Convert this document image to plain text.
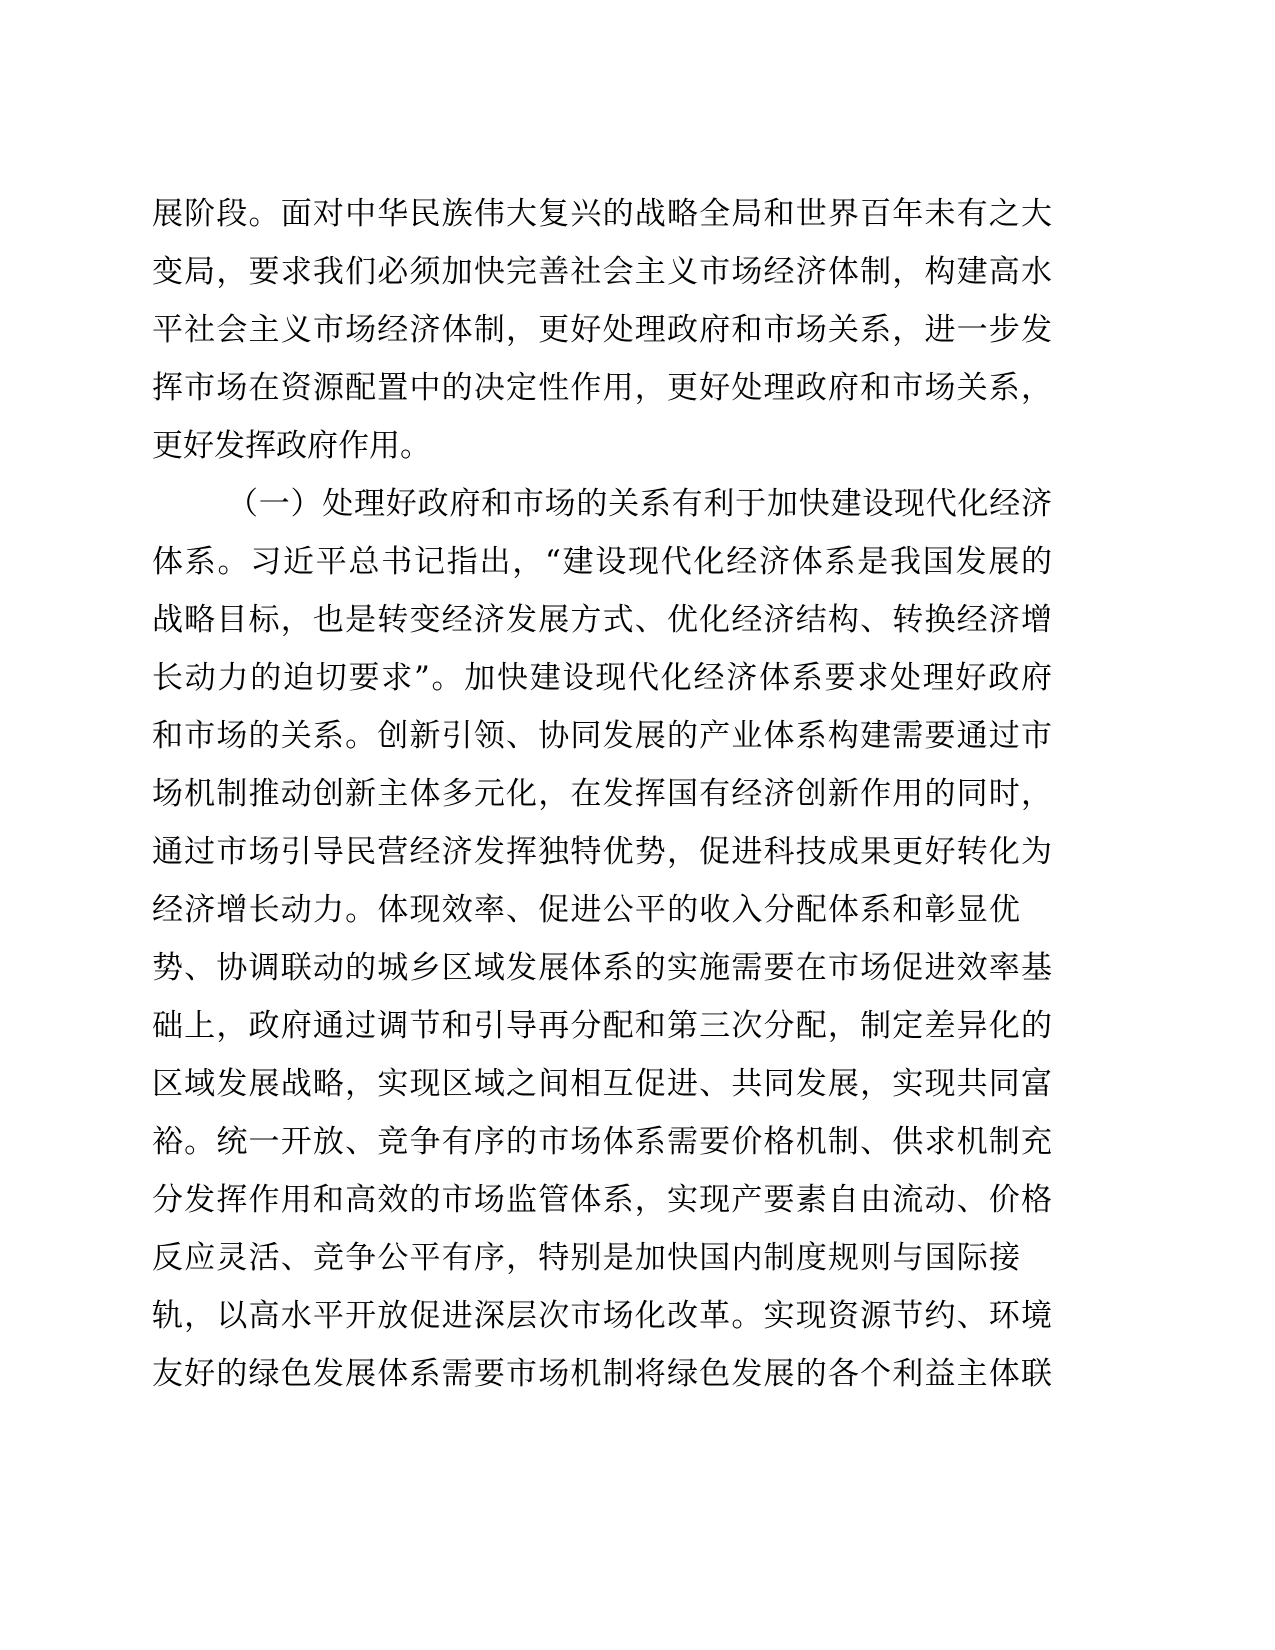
展阶段。面对中华民族伟大复兴的战略全局和世界百年未有之大
变局，要求我们必须加快完善社会主义市场经济体制，构建高水
平社会主义市场经济体制，更好处理政府和市场关系，进一步发
挥市场在资源配置中的决定性作用，更好处理政府和市场关系，
更好发挥政府作用。
（一）处理好政府和市场的关系有利于加快建设现代化经济
体系。习近平总书记指出，“建设现代化经济体系是我国发展的
战略目标，也是转变经济发展方式、优化经济结构、转换经济增
长动力的迫切要求”。加快建设现代化经济体系要求处理好政府
和市场的关系。创新引领、协同发展的产业体系构建需要通过市
场机制推动创新主体多元化，在发挥国有经济创新作用的同时，
通过市场引导民营经济发挥独特优势，促进科技成果更好转化为
经济增长动力。体现效率、促进公平的收入分配体系和彰显优
势、协调联动的城乡区域发展体系的实施需要在市场促进效率基
础上，政府通过调节和引导再分配和第三次分配，制定差异化的
区域发展战略，实现区域之间相互促进、共同发展，实现共同富
裕。统一开放、竞争有序的市场体系需要价格机制、供求机制充
分发挥作用和高效的市场监管体系，实现产要素自由流动、价格
反应灵活、竞争公平有序，特别是加快国内制度规则与国际接
轨，以高水平开放促进深层次市场化改革。实现资源节约、环境
友好的绿色发展体系需要市场机制将绿色发展的各个利益主体联
